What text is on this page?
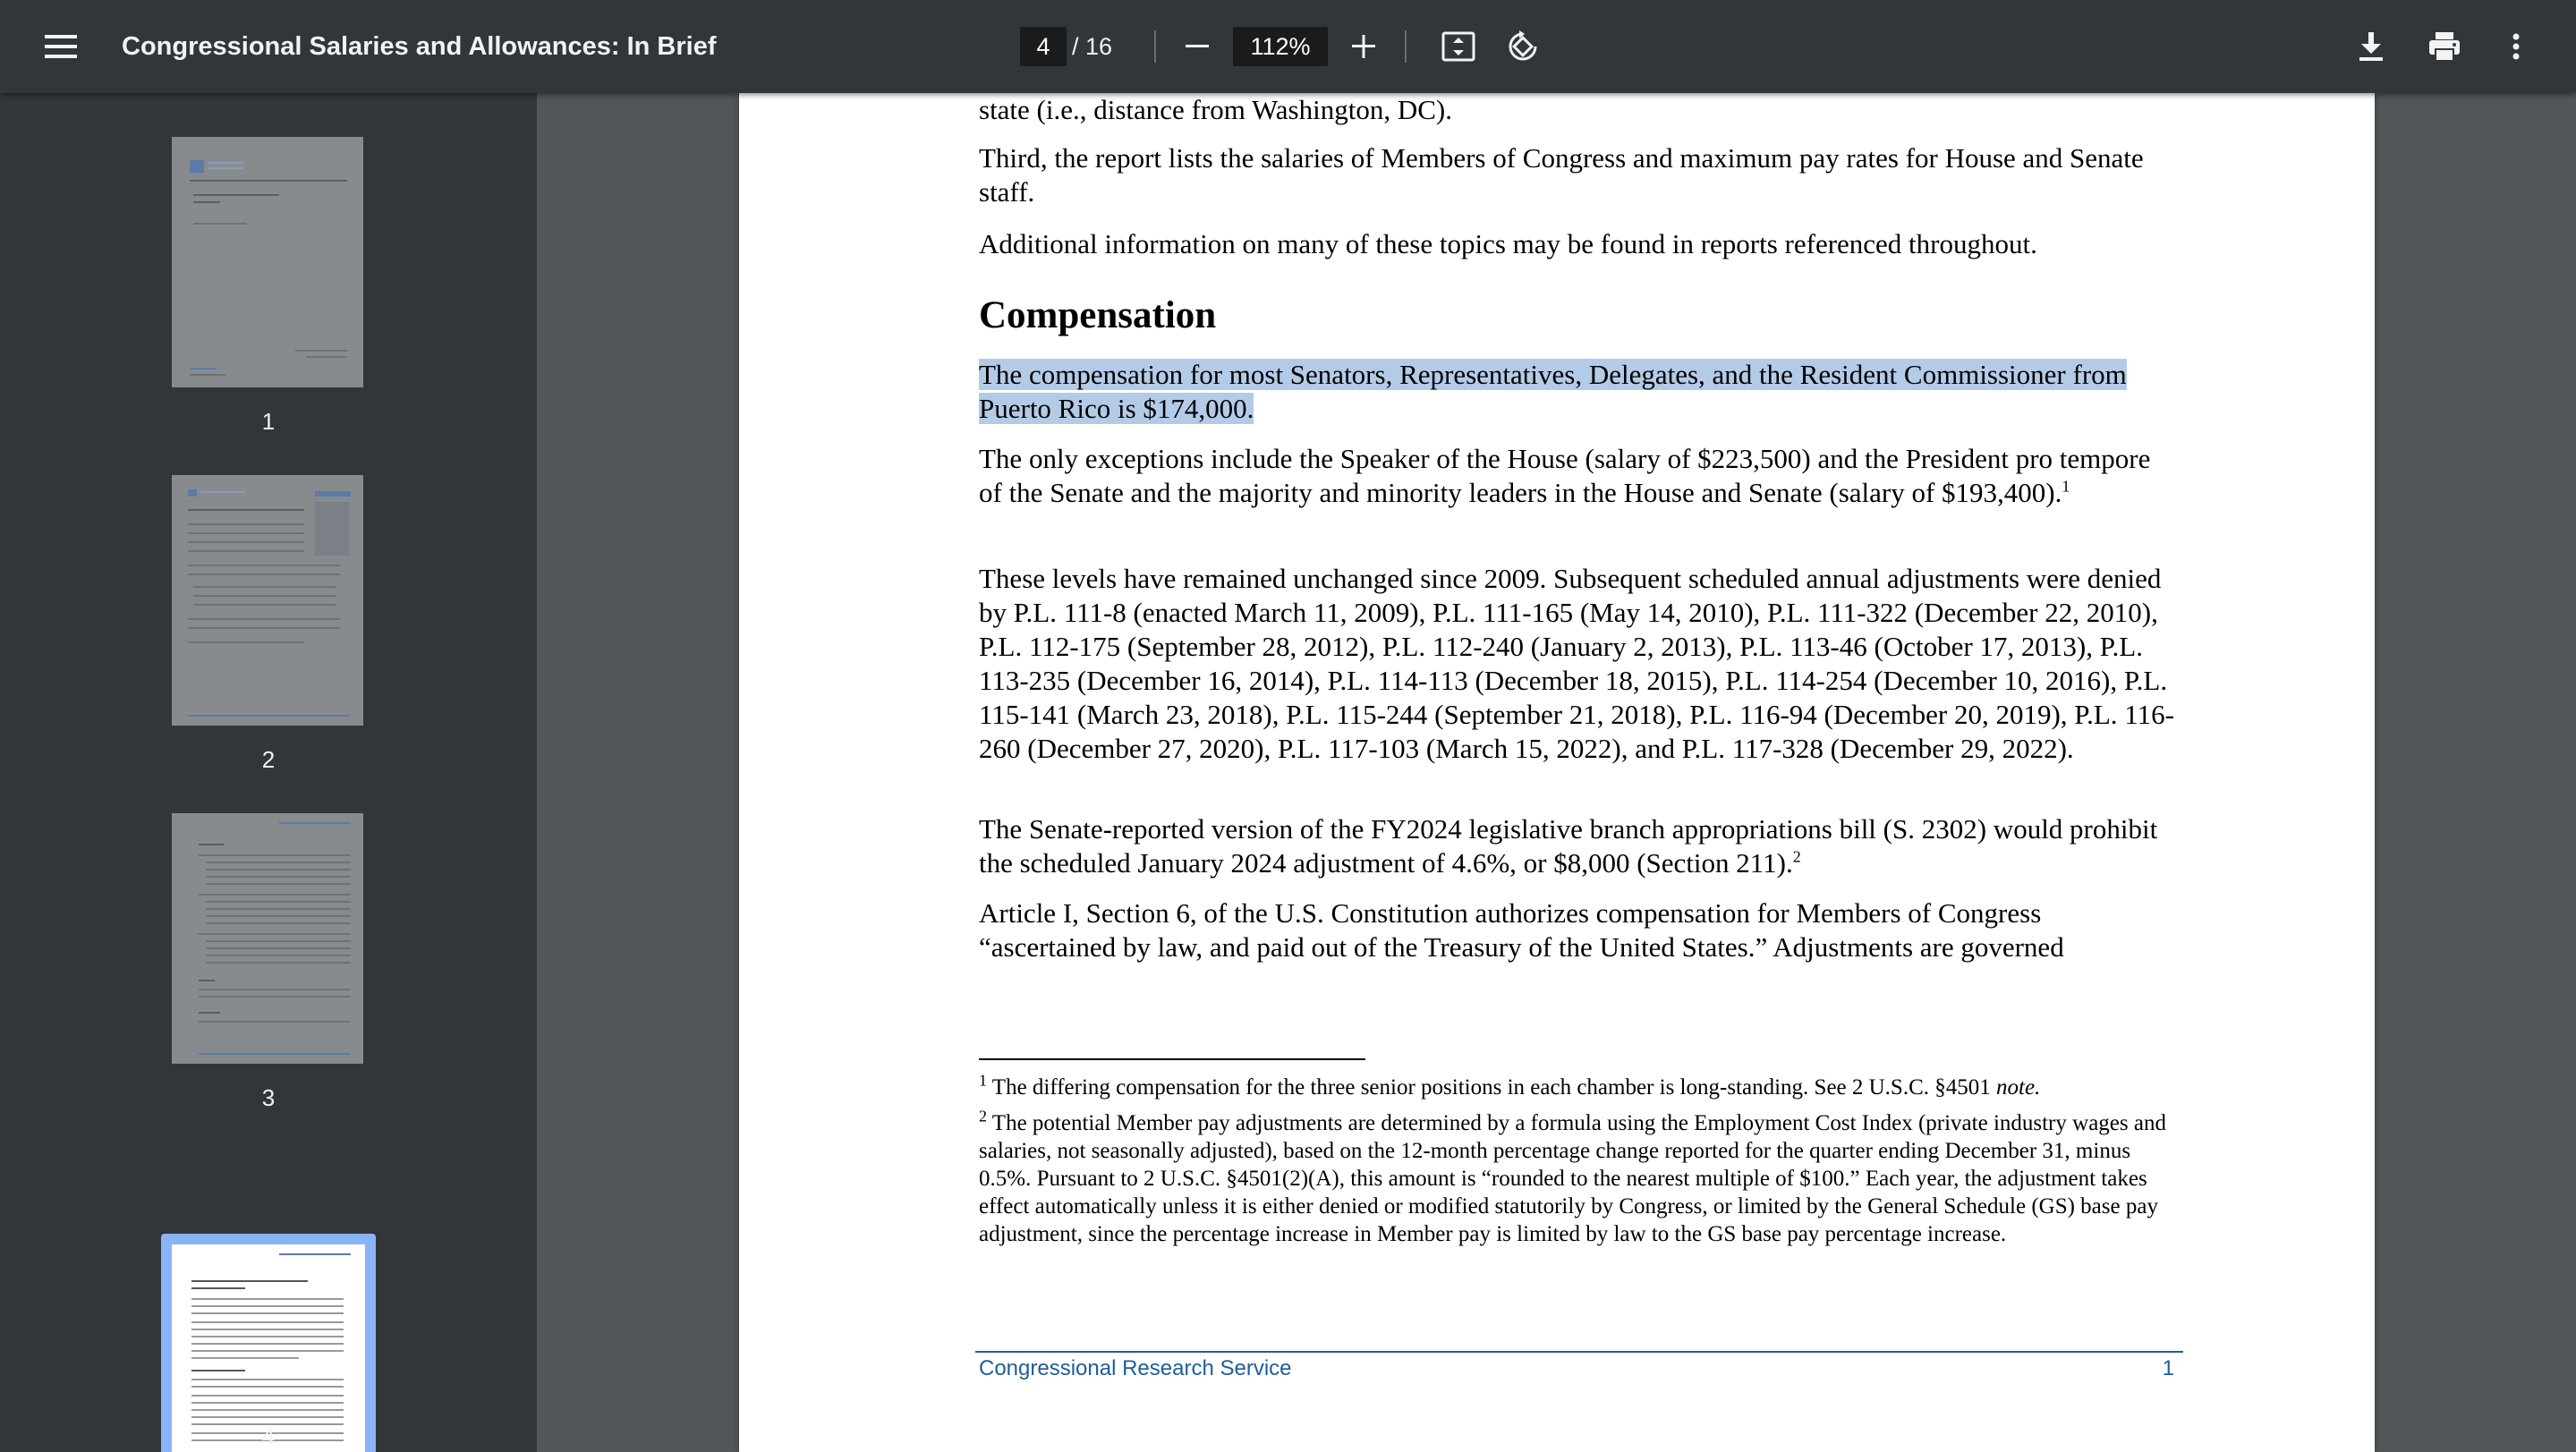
Congressional Salaries and Allowances: In Brief	4 / 16	112%
1
2
3
4

state (i.e., distance from Washington, DC).

Third, the report lists the salaries of Members of Congress and maximum pay rates for House and Senate staff.

Additional information on many of these topics may be found in reports referenced throughout.

Compensation

The compensation for most Senators, Representatives, Delegates, and the Resident Commissioner from Puerto Rico is $174,000.

The only exceptions include the Speaker of the House (salary of $223,500) and the President pro tempore of the Senate and the majority and minority leaders in the House and Senate (salary of $193,400).$^1$

These levels have remained unchanged since 2009. Subsequent scheduled annual adjustments were denied by P.L. 111-8 (enacted March 11, 2009), P.L. 111-165 (May 14, 2010), P.L. 111-322 (December 22, 2010), P.L. 112-175 (September 28, 2012), P.L. 112-240 (January 2, 2013), P.L. 113-46 (October 17, 2013), P.L. 113-235 (December 16, 2014), P.L. 114-113 (December 18, 2015), P.L. 114-254 (December 10, 2016), P.L. 115-141 (March 23, 2018), P.L. 115-244 (September 21, 2018), P.L. 116-94 (December 20, 2019), P.L. 116-260 (December 27, 2020), P.L. 117-103 (March 15, 2022), and P.L. 117-328 (December 29, 2022).

The Senate-reported version of the FY2024 legislative branch appropriations bill (S. 2302) would prohibit the scheduled January 2024 adjustment of 4.6%, or $8,000 (Section 211).$^2$

Article I, Section 6, of the U.S. Constitution authorizes compensation for Members of Congress “ascertained by law, and paid out of the Treasury of the United States.” Adjustments are governed

$^1$ The differing compensation for the three senior positions in each chamber is long-standing. See 2 U.S.C. §4501 note.

$^2$ The potential Member pay adjustments are determined by a formula using the Employment Cost Index (private industry wages and salaries, not seasonally adjusted), based on the 12-month percentage change reported for the quarter ending December 31, minus 0.5%. Pursuant to 2 U.S.C. §4501(2)(A), this amount is “rounded to the nearest multiple of $100.” Each year, the adjustment takes effect automatically unless it is either denied or modified statutorily by Congress, or limited by the General Schedule (GS) base pay adjustment, since the percentage increase in Member pay is limited by law to the GS base pay percentage increase.

Congressional Research Service	1
